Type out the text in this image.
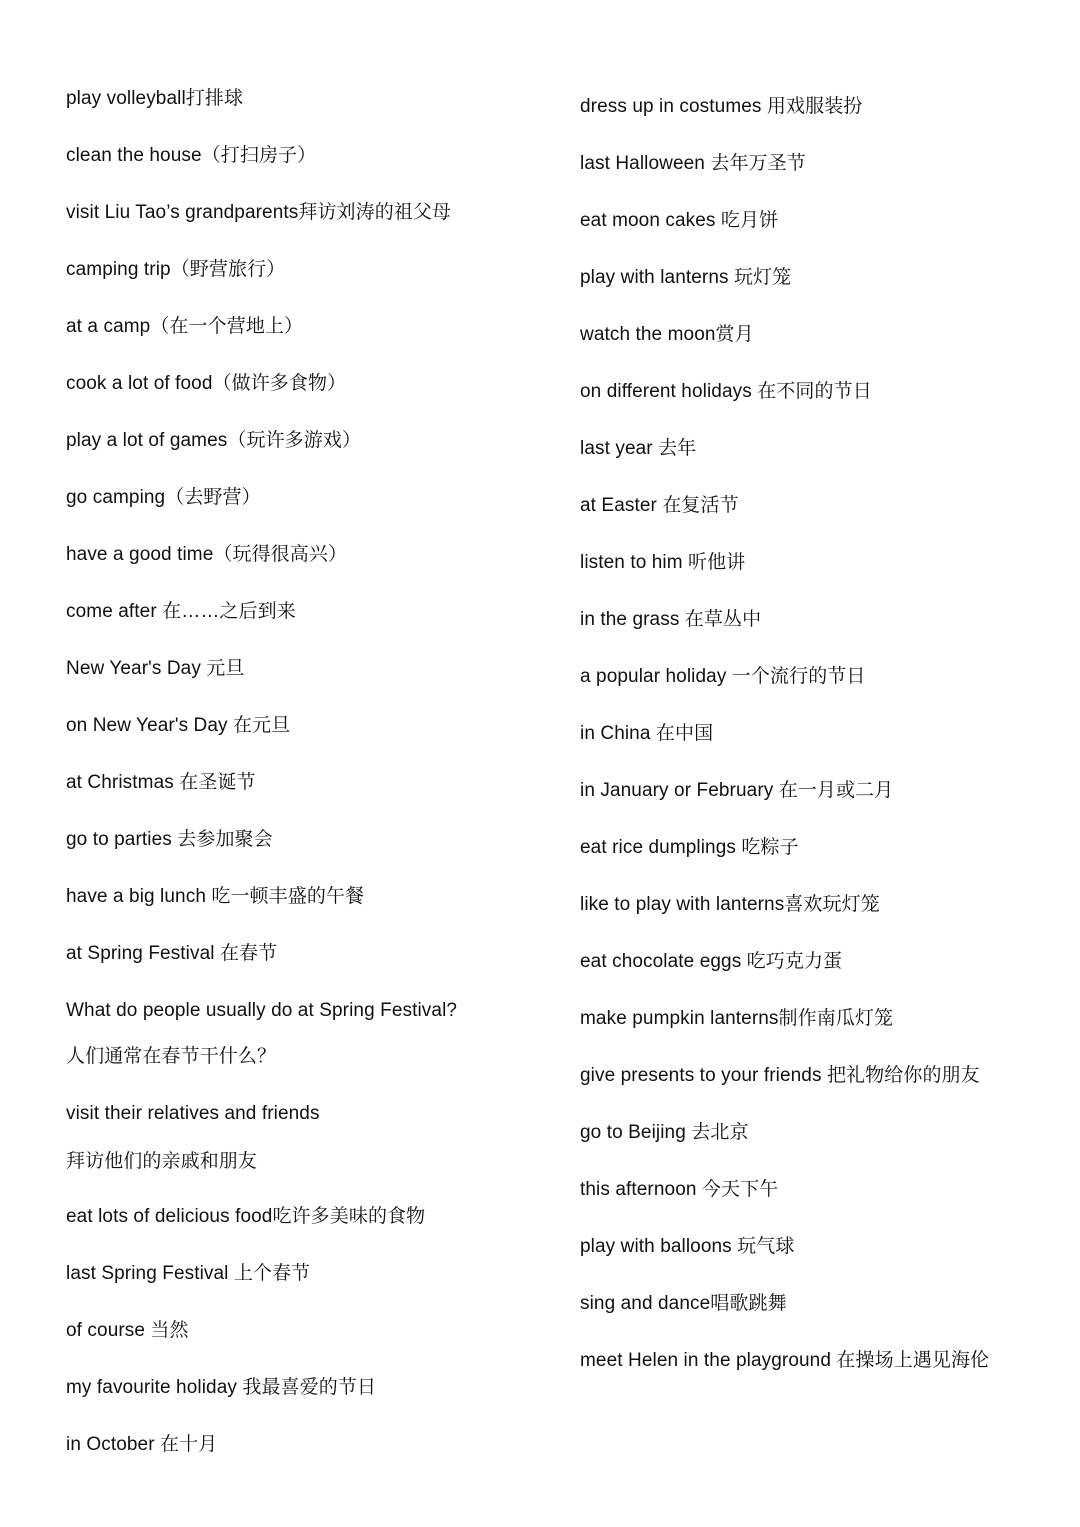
play volleyball打排球
clean the house（打扫房子）
visit Liu Tao’s grandparents拜访刘涛的祖父母
camping trip（野营旅行）
at a camp（在一个营地上）
cook a lot of food（做许多食物）
play a lot of games（玩许多游戏）
go camping（去野营）
have a good time（玩得很高兴）
come after 在……之后到来
New Year's Day 元旦
on New Year's Day 在元旦
at Christmas 在圣诞节
go to parties 去参加聚会
have a big lunch 吃一顿丰盛的午餐
at Spring Festival 在春节
What do people usually do at Spring Festival?
人们通常在春节干什么？
visit their relatives and friends
拜访他们的亲戚和朋友
eat lots of delicious food吃许多美味的食物
last Spring Festival 上个春节
of course 当然
my favourite holiday 我最喜爱的节日
in October 在十月
dress up in costumes 用戏服装扮
last Halloween 去年万圣节
eat moon cakes 吃月饼
play with lanterns 玩灯笼
watch the moon赏月
on different holidays 在不同的节日
last year 去年
at Easter 在复活节
listen to him 听他讲
in the grass 在草丛中
a popular holiday 一个流行的节日
in China 在中国
in January or February 在一月或二月
eat rice dumplings 吃粽子
like to play with lanterns喜欢玩灯笼
eat chocolate eggs 吃巧克力蛋
make pumpkin lanterns制作南瓜灯笼
give presents to your friends 把礼物给你的朋友
go to Beijing 去北京
this afternoon 今天下午
play with balloons 玩气球
sing and dance唱歌跳舞
meet Helen in the playground 在操场上遇见海伦
